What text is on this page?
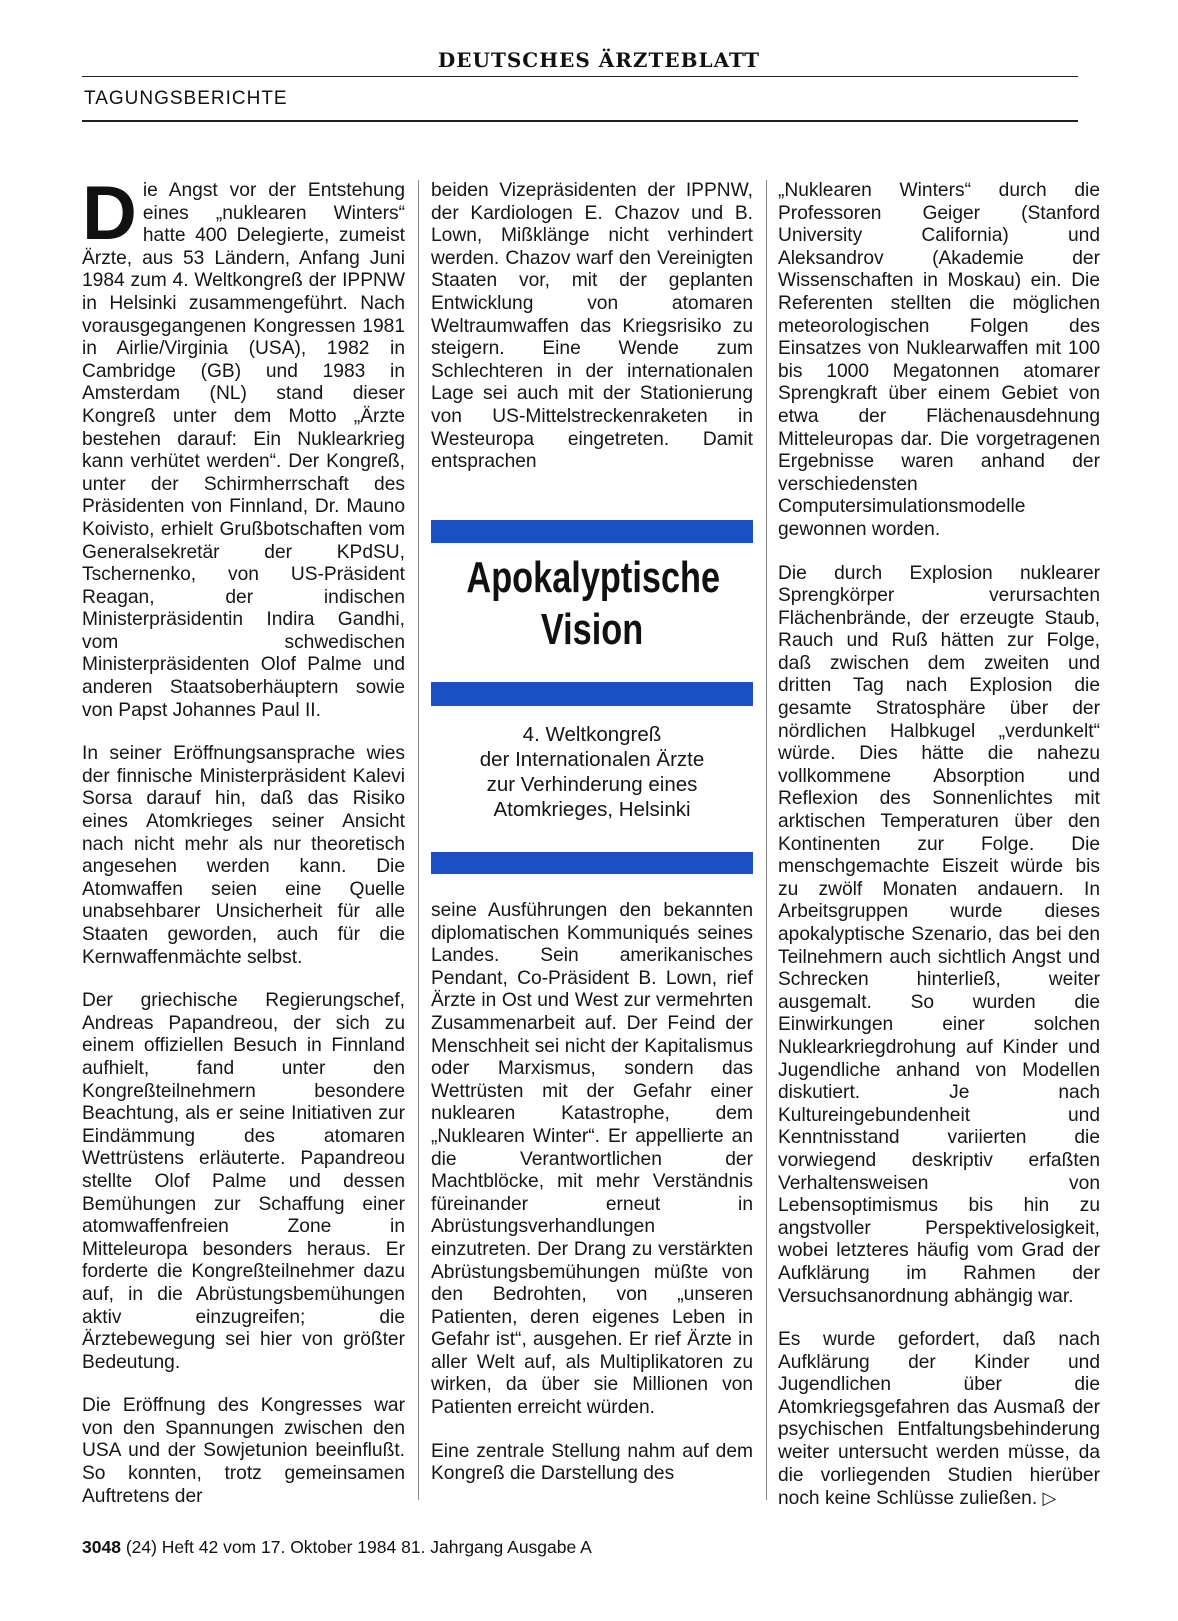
DEUTSCHES ÄRZTEBLATT
TAGUNGSBERICHTE

Die Angst vor der Entstehung eines „nuklearen Winters“ hatte 400 Delegierte, zumeist Ärzte, aus 53 Ländern, Anfang Juni 1984 zum 4. Weltkongreß der IPPNW in Helsinki zusammengeführt. Nach vorausgegangenen Kongressen 1981 in Airlie/Virginia (USA), 1982 in Cambridge (GB) und 1983 in Amsterdam (NL) stand dieser Kongreß unter dem Motto „Ärzte bestehen darauf: Ein Nuklearkrieg kann verhütet werden“. Der Kongreß, unter der Schirmherrschaft des Präsidenten von Finnland, Dr. Mauno Koivisto, erhielt Grußbotschaften vom Generalsekretär der KPdSU, Tschernenko, von US-Präsident Reagan, der indischen Ministerpräsidentin Indira Gandhi, vom schwedischen Ministerpräsidenten Olof Palme und anderen Staatsoberhäuptern sowie von Papst Johannes Paul II.

In seiner Eröffnungsansprache wies der finnische Ministerpräsident Kalevi Sorsa darauf hin, daß das Risiko eines Atomkrieges seiner Ansicht nach nicht mehr als nur theoretisch angesehen werden kann. Die Atomwaffen seien eine Quelle unabsehbarer Unsicherheit für alle Staaten geworden, auch für die Kernwaffenmächte selbst.

Der griechische Regierungschef, Andreas Papandreou, der sich zu einem offiziellen Besuch in Finnland aufhielt, fand unter den Kongreßteilnehmern besondere Beachtung, als er seine Initiativen zur Eindämmung des atomaren Wettrüstens erläuterte. Papandreou stellte Olof Palme und dessen Bemühungen zur Schaffung einer atomwaffenfreien Zone in Mitteleuropa besonders heraus. Er forderte die Kongreßteilnehmer dazu auf, in die Abrüstungsbemühungen aktiv einzugreifen; die Ärztebewegung sei hier von größter Bedeutung.

Die Eröffnung des Kongresses war von den Spannungen zwischen den USA und der Sowjetunion beeinflußt. So konnten, trotz gemeinsamen Auftretens der

beiden Vizepräsidenten der IPPNW, der Kardiologen E. Chazov und B. Lown, Mißklänge nicht verhindert werden. Chazov warf den Vereinigten Staaten vor, mit der geplanten Entwicklung von atomaren Weltraumwaffen das Kriegsrisiko zu steigern. Eine Wende zum Schlechteren in der internationalen Lage sei auch mit der Stationierung von US-Mittelstreckenraketen in Westeuropa eingetreten. Damit entsprachen

Apokalyptische
Vision
4. Weltkongreß
der Internationalen Ärzte
zur Verhinderung eines
Atomkrieges, Helsinki

seine Ausführungen den bekannten diplomatischen Kommuniqués seines Landes. Sein amerikanisches Pendant, Co-Präsident B. Lown, rief Ärzte in Ost und West zur vermehrten Zusammenarbeit auf. Der Feind der Menschheit sei nicht der Kapitalismus oder Marxismus, sondern das Wettrüsten mit der Gefahr einer nuklearen Katastrophe, dem „Nuklearen Winter“. Er appellierte an die Verantwortlichen der Machtblöcke, mit mehr Verständnis füreinander erneut in Abrüstungsverhandlungen einzutreten. Der Drang zu verstärkten Abrüstungsbemühungen müßte von den Bedrohten, von „unseren Patienten, deren eigenes Leben in Gefahr ist“, ausgehen. Er rief Ärzte in aller Welt auf, als Multiplikatoren zu wirken, da über sie Millionen von Patienten erreicht würden.

Eine zentrale Stellung nahm auf dem Kongreß die Darstellung des

„Nuklearen Winters“ durch die Professoren Geiger (Stanford University California) und Aleksandrov (Akademie der Wissenschaften in Moskau) ein. Die Referenten stellten die möglichen meteorologischen Folgen des Einsatzes von Nuklearwaffen mit 100 bis 1000 Megatonnen atomarer Sprengkraft über einem Gebiet von etwa der Flächenausdehnung Mitteleuropas dar. Die vorgetragenen Ergebnisse waren anhand der verschiedensten Computersimulationsmodelle gewonnen worden.

Die durch Explosion nuklearer Sprengkörper verursachten Flächenbrände, der erzeugte Staub, Rauch und Ruß hätten zur Folge, daß zwischen dem zweiten und dritten Tag nach Explosion die gesamte Stratosphäre über der nördlichen Halbkugel „verdunkelt“ würde. Dies hätte die nahezu vollkommene Absorption und Reflexion des Sonnenlichtes mit arktischen Temperaturen über den Kontinenten zur Folge. Die menschgemachte Eiszeit würde bis zu zwölf Monaten andauern. In Arbeitsgruppen wurde dieses apokalyptische Szenario, das bei den Teilnehmern auch sichtlich Angst und Schrecken hinterließ, weiter ausgemalt. So wurden die Einwirkungen einer solchen Nuklearkriegdrohung auf Kinder und Jugendliche anhand von Modellen diskutiert. Je nach Kultureingebundenheit und Kenntnisstand variierten die vorwiegend deskriptiv erfaßten Verhaltensweisen von Lebensoptimismus bis hin zu angstvoller Perspektivelosigkeit, wobei letzteres häufig vom Grad der Aufklärung im Rahmen der Versuchsanordnung abhängig war.

Es wurde gefordert, daß nach Aufklärung der Kinder und Jugendlichen über die Atomkriegsgefahren das Ausmaß der psychischen Entfaltungsbehinderung weiter untersucht werden müsse, da die vorliegenden Studien hierüber noch keine Schlüsse zuließen. ▷

3048 (24) Heft 42 vom 17. Oktober 1984 81. Jahrgang Ausgabe A
